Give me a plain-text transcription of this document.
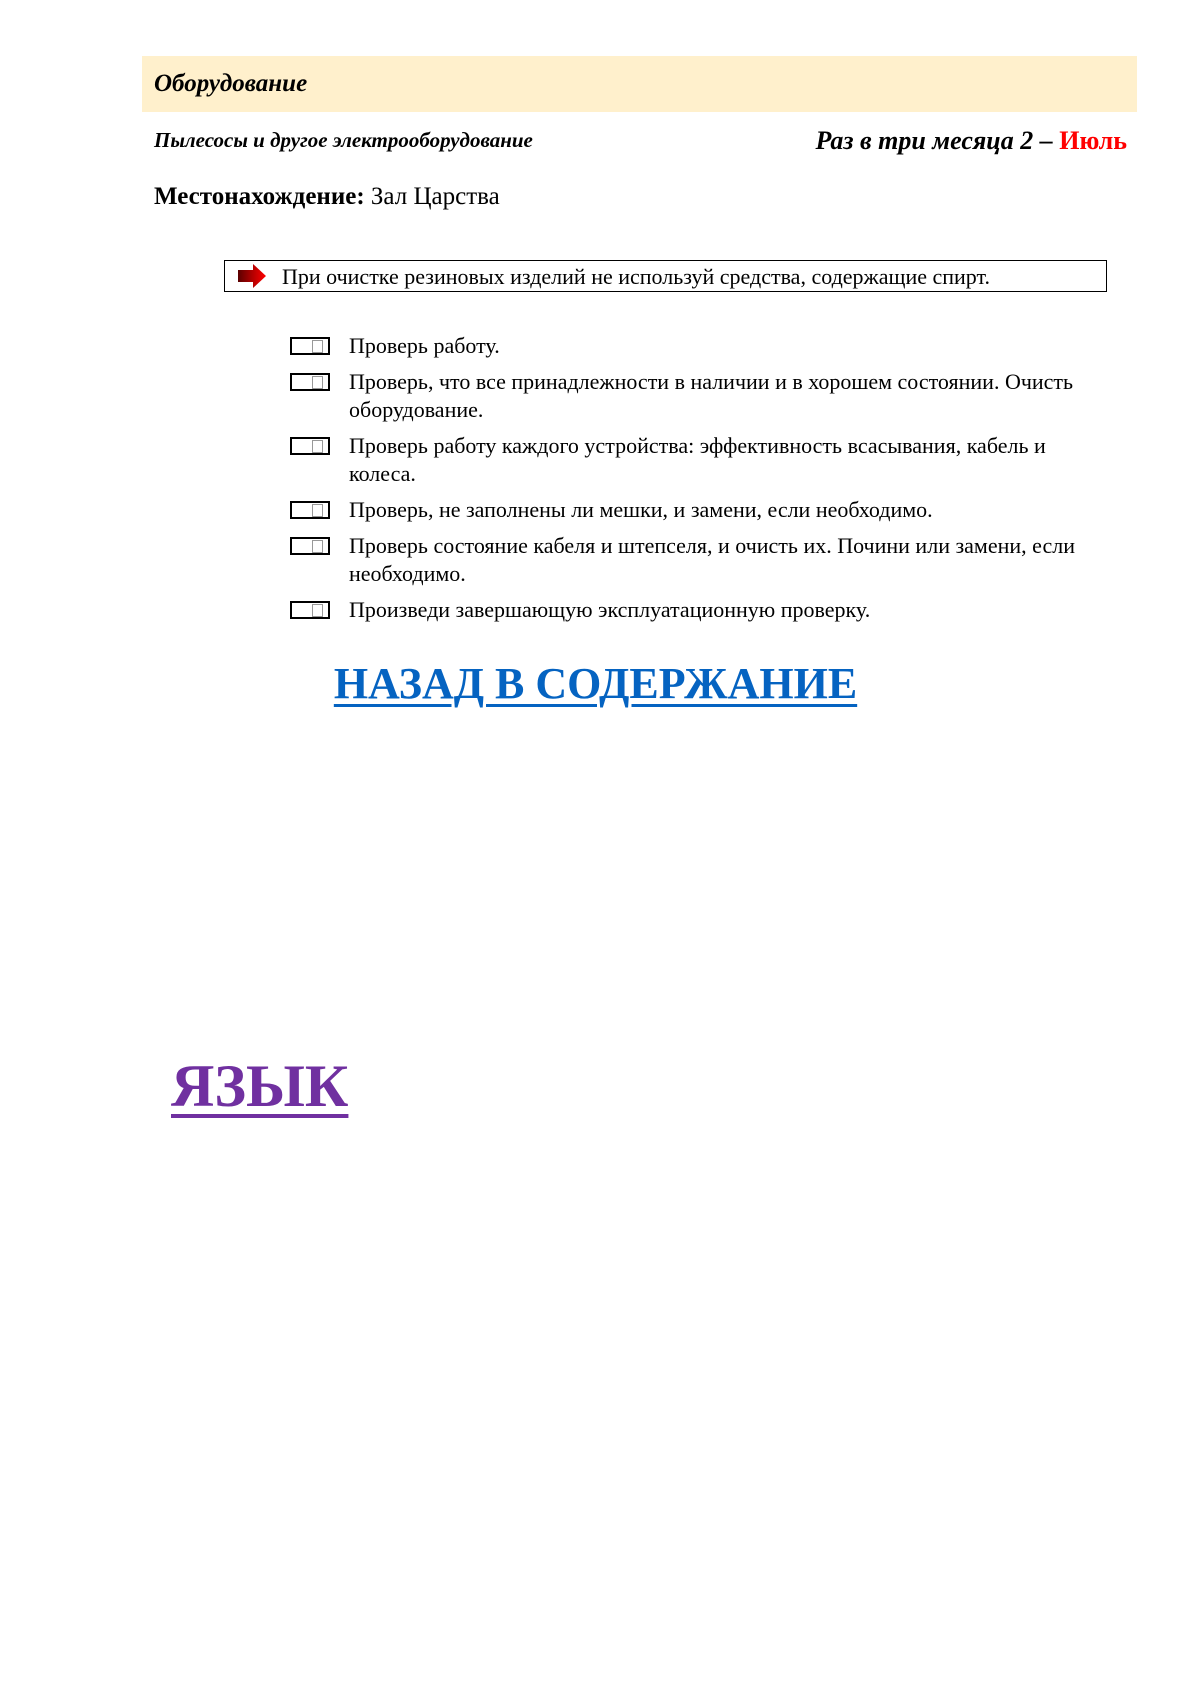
Оборудование
Пылесосы и другое электрооборудование	Раз в три месяца 2 – Июль
Местонахождение: Зал Царства
При очистке резиновых изделий не используй средства, содержащие спирт.
Проверь работу.
Проверь, что все принадлежности в наличии и в хорошем состоянии. Очисть оборудование.
Проверь работу каждого устройства: эффективность всасывания, кабель и колеса.
Проверь, не заполнены ли мешки, и замени, если необходимо.
Проверь состояние кабеля и штепселя, и очисть их. Почини или замени, если необходимо.
Произведи завершающую эксплуатационную проверку.
НАЗАД В СОДЕРЖАНИЕ
ЯЗЫК
